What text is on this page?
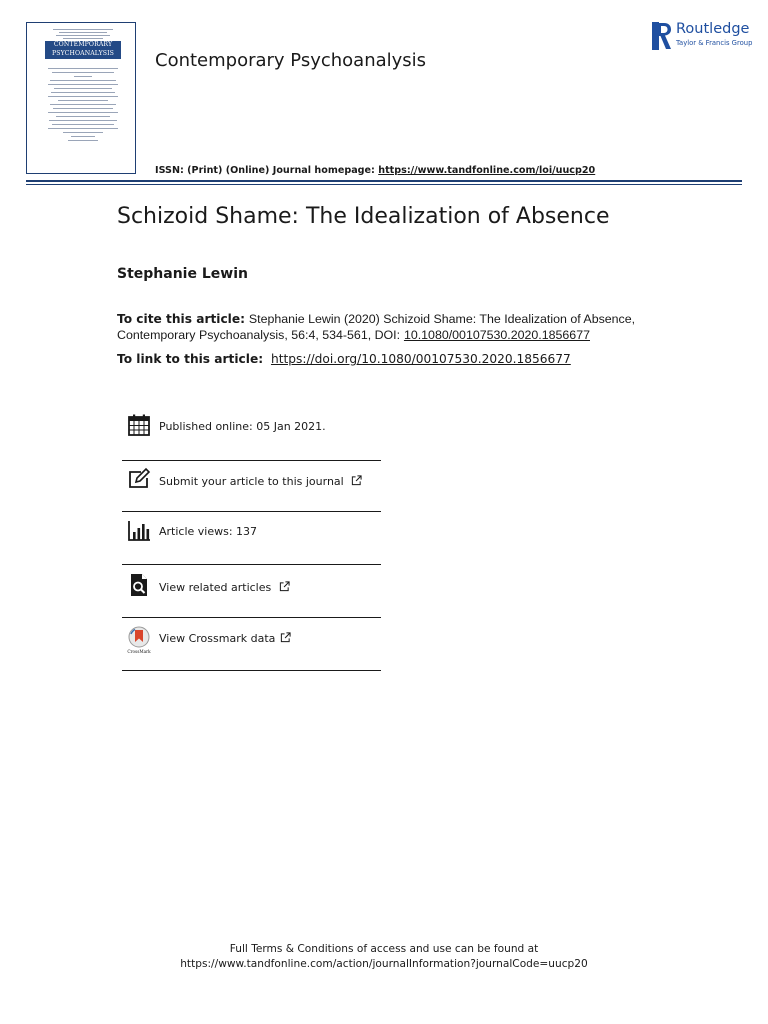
CONTEMPORARY
PSYCHOANALYSIS	Contemporary Psychoanalysis
ISSN: (Print) (Online) Journal homepage: https://www.tandfonline.com/loi/uucp20
Routledge
Taylor & Francis Group
Schizoid Shame: The Idealization of Absence
Stephanie Lewin
To cite this article: Stephanie Lewin (2020) Schizoid Shame: The Idealization of Absence, Contemporary Psychoanalysis, 56:4, 534-561, DOI: 10.1080/00107530.2020.1856677
To link to this article: https://doi.org/10.1080/00107530.2020.1856677
Published online: 05 Jan 2021.
Submit your article to this journal
Article views: 137
View related articles
CrossMark
View Crossmark data
Full Terms & Conditions of access and use can be found at
https://www.tandfonline.com/action/journalInformation?journalCode=uucp20
